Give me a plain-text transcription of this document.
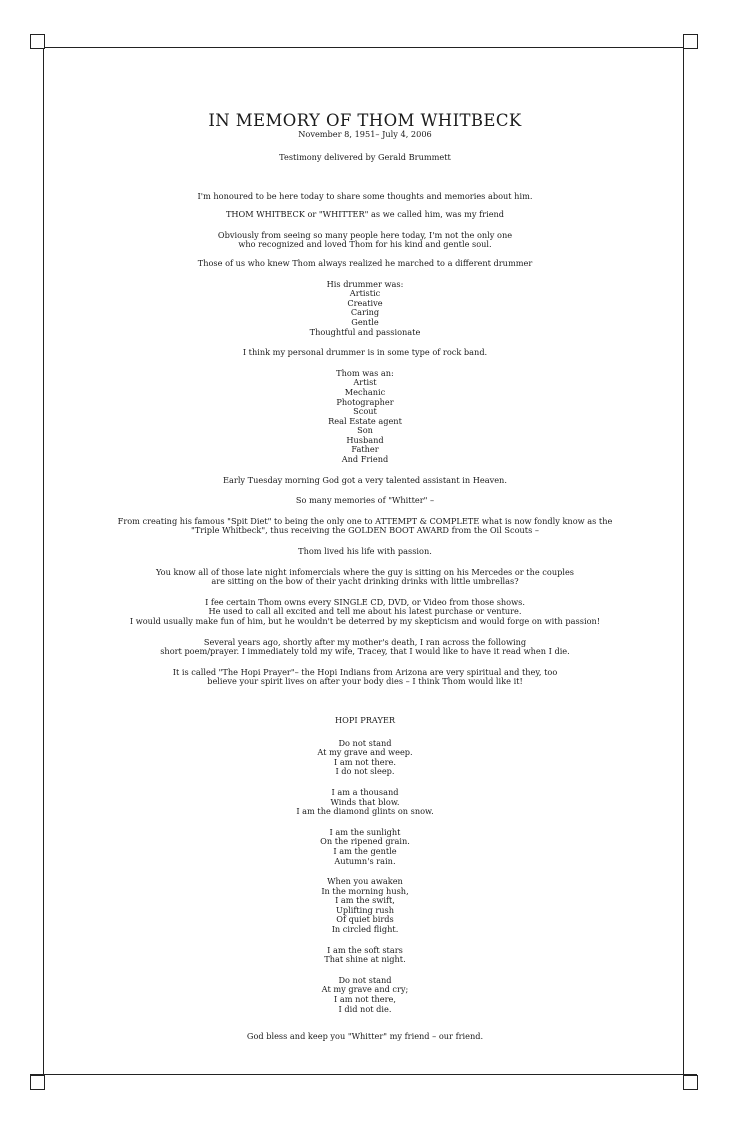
IN MEMORY OF THOM WHITBECK

November 8, 1951– July 4, 2006

Testimony delivered by Gerald Brummett

I'm honoured to be here today to share some thoughts and memories about him.

THOM WHITBECK or "WHITTER" as we called him, was my friend

Obviously from seeing so many people here today, I'm not the only one
who recognized and loved Thom for his kind and gentle soul.

Those of us who knew Thom always realized he marched to a different drummer

His drummer was:
Artistic
Creative
Caring
Gentle
Thoughtful and passionate

I think my personal drummer is in some type of rock band.

Thom was an:
Artist
Mechanic
Photographer
Scout
Real Estate agent
Son
Husband
Father
And Friend

Early Tuesday morning God got a very talented assistant in Heaven.

So many memories of "Whitter" –

From creating his famous "Spit Diet" to being the only one to ATTEMPT & COMPLETE what is now fondly know as the
"Triple Whitbeck", thus receiving the GOLDEN BOOT AWARD from the Oil Scouts –

Thom lived his life with passion.

You know all of those late night infomercials where the guy is sitting on his Mercedes or the couples
are sitting on the bow of their yacht drinking drinks with little umbrellas?
I fee certain Thom owns every SINGLE CD, DVD, or Video from those shows.
He used to call all excited and tell me about his latest purchase or venture.
I would usually make fun of him, but he wouldn't be deterred by my skepticism and would forge on with passion!
Several years ago, shortly after my mother's death, I ran across the following
short poem/prayer. I immediately told my wife, Tracey, that I would like to have it read when I die.
It is called "The Hopi Prayer"– the Hopi Indians from Arizona are very spiritual and they, too
believe your spirit lives on after your body dies – I think Thom would like it!

HOPI PRAYER

Do not stand
At my grave and weep.
I am not there.
I do not sleep.
I am a thousand
Winds that blow.
I am the diamond glints on snow.
I am the sunlight
On the ripened grain.
I am the gentle
Autumn's rain.
When you awaken
In the morning hush,
I am the swift,
Uplifting rush
Of quiet birds
In circled flight.
I am the soft stars
That shine at night.
Do not stand
At my grave and cry;
I am not there,
I did not die.

God bless and keep you "Whitter" my friend – our friend.
